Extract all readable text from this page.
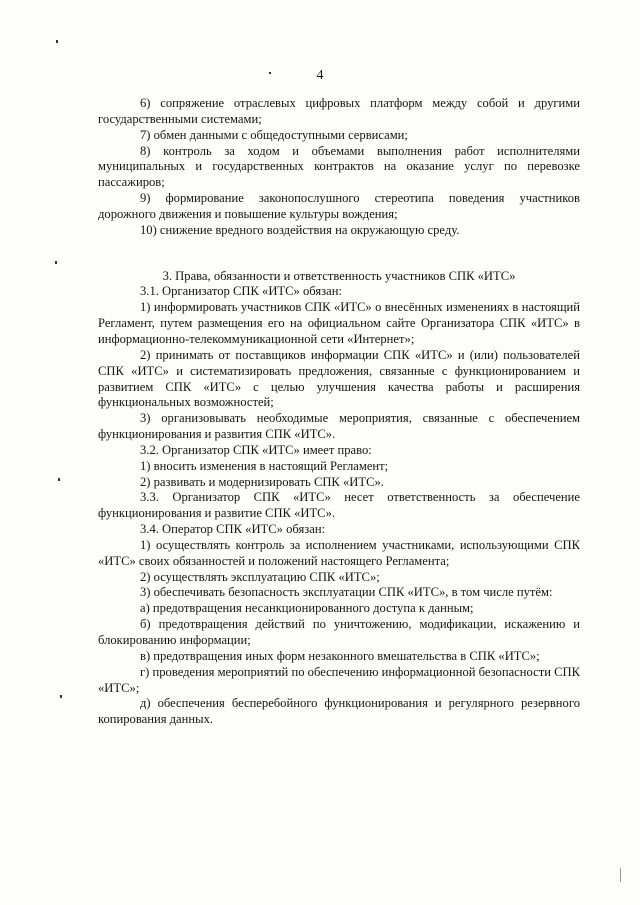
4

6) сопряжение отраслевых цифровых платформ между собой и другими государственными системами;

7) обмен данными с общедоступными сервисами;

8) контроль за ходом и объемами выполнения работ исполнителями муниципальных и государственных контрактов на оказание услуг по перевозке пассажиров;

9) формирование законопослушного стереотипа поведения участников дорожного движения и повышение культуры вождения;

10) снижение вредного воздействия на окружающую среду.

3. Права, обязанности и ответственность участников СПК «ИТС»

3.1. Организатор СПК «ИТС» обязан:

1) информировать участников СПК «ИТС» о внесённых изменениях в настоящий Регламент, путем размещения его на официальном сайте Организатора СПК «ИТС» в информационно-телекоммуникационной сети «Интернет»;

2) принимать от поставщиков информации СПК «ИТС» и (или) пользователей СПК «ИТС» и систематизировать предложения, связанные с функционированием и развитием СПК «ИТС» с целью улучшения качества работы и расширения функциональных возможностей;

3) организовывать необходимые мероприятия, связанные с обеспечением функционирования и развития СПК «ИТС».

3.2. Организатор СПК «ИТС» имеет право:

1) вносить изменения в настоящий Регламент;

2) развивать и модернизировать СПК «ИТС».

3.3. Организатор СПК «ИТС» несет ответственность за обеспечение функционирования и развитие СПК «ИТС».

3.4. Оператор СПК «ИТС» обязан:

1) осуществлять контроль за исполнением участниками, использующими СПК «ИТС» своих обязанностей и положений настоящего Регламента;

2) осуществлять эксплуатацию СПК «ИТС»;

3) обеспечивать безопасность эксплуатации СПК «ИТС», в том числе путём:

а) предотвращения несанкционированного доступа к данным;

б) предотвращения действий по уничтожению, модификации, искажению и блокированию информации;

в) предотвращения иных форм незаконного вмешательства в СПК «ИТС»;

г) проведения мероприятий по обеспечению информационной безопасности СПК «ИТС»;

д) обеспечения бесперебойного функционирования и регулярного резервного копирования данных.
